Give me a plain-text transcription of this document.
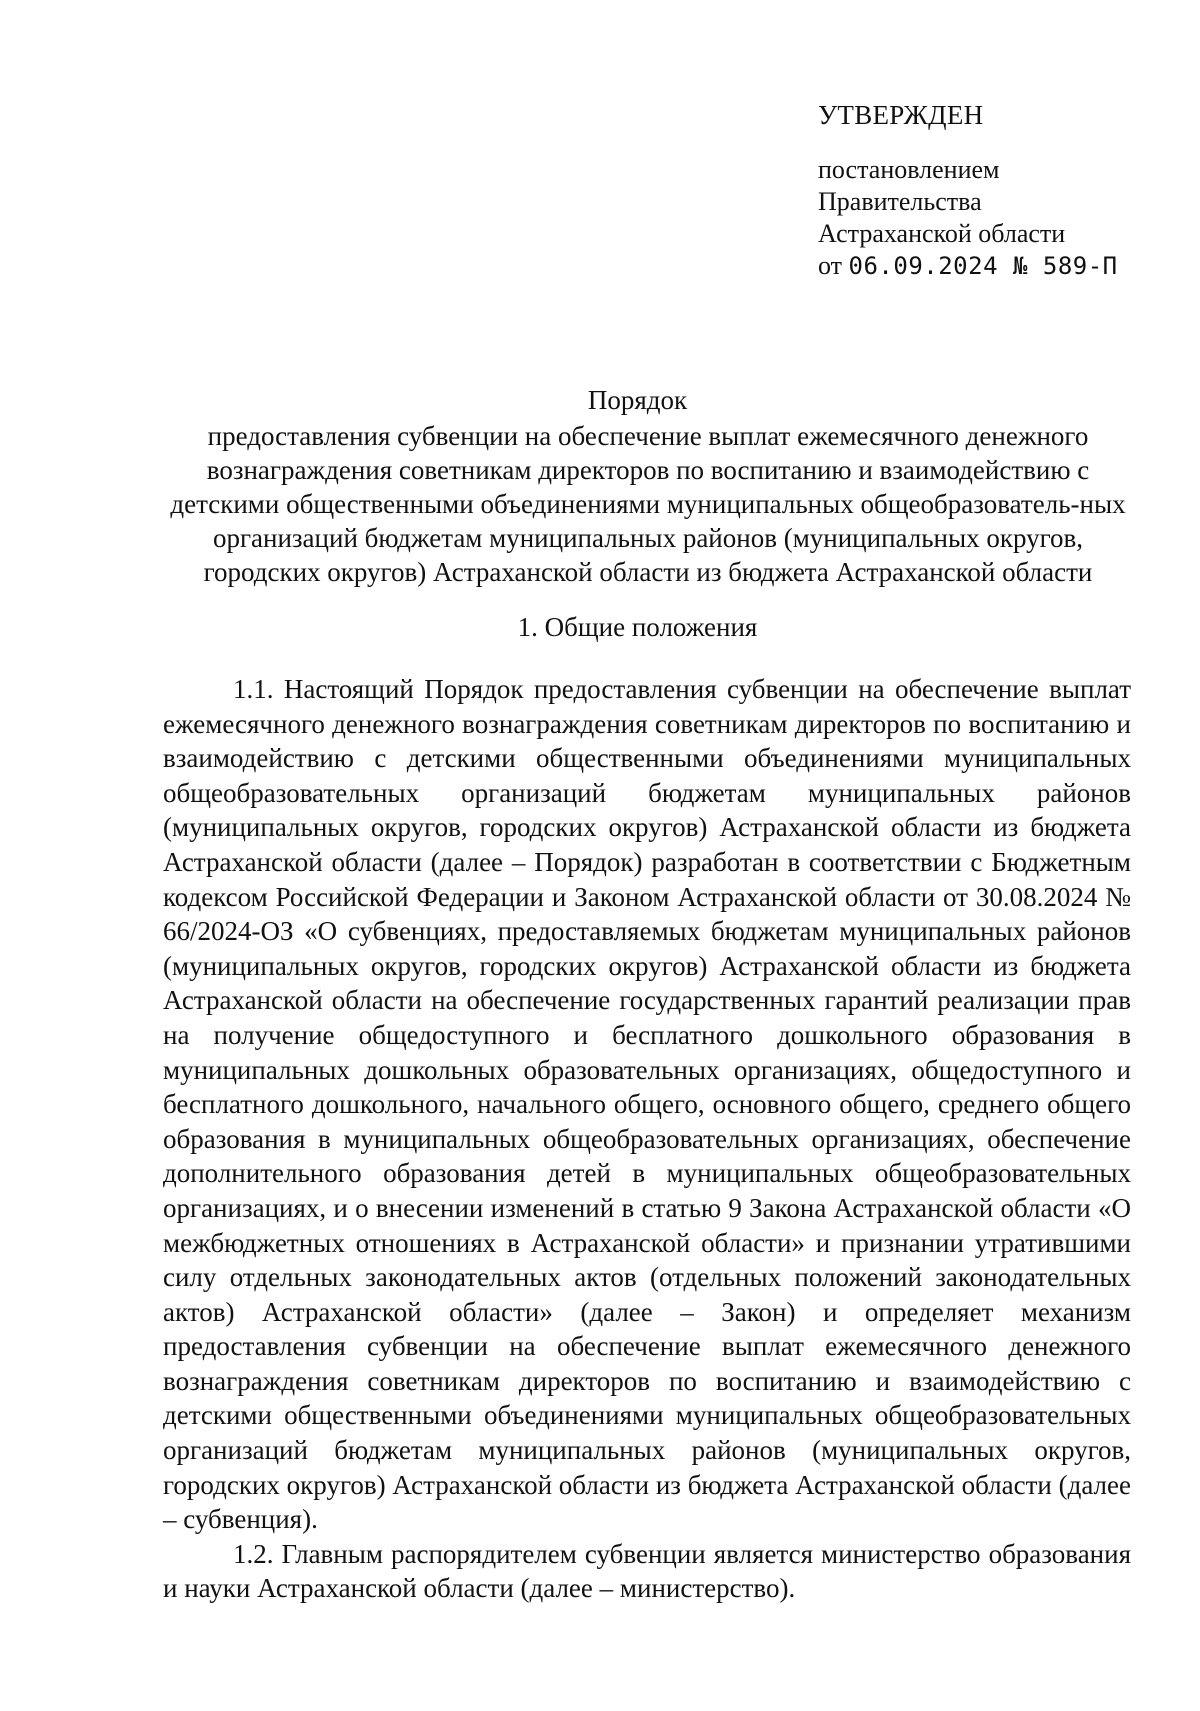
УТВЕРЖДЕН
постановлением
Правительства
Астраханской области
от 06.09.2024 № 589-П
Порядок
предоставления субвенции на обеспечение выплат ежемесячного денежного вознаграждения советникам директоров по воспитанию и взаимодействию с детскими общественными объединениями муниципальных общеобразователь-ных организаций бюджетам муниципальных районов (муниципальных округов, городских округов) Астраханской области из бюджета Астраханской области
1. Общие положения

1.1. Настоящий Порядок предоставления субвенции на обеспечение выплат ежемесячного денежного вознаграждения советникам директоров по воспитанию и взаимодействию с детскими общественными объединениями муниципальных общеобразовательных организаций бюджетам муниципальных районов (муниципальных округов, городских округов) Астраханской области из бюджета Астраханской области (далее – Порядок) разработан в соответствии с Бюджетным кодексом Российской Федерации и Законом Астраханской области от 30.08.2024 № 66/2024-ОЗ «О субвенциях, предоставляемых бюджетам муниципальных районов (муниципальных округов, городских округов) Астраханской области из бюджета Астраханской области на обеспечение государственных гарантий реализации прав на получение общедоступного и бесплатного дошкольного образования в муниципальных дошкольных образовательных организациях, общедоступного и бесплатного дошкольного, начального общего, основного общего, среднего общего образования в муниципальных общеобразовательных организациях, обеспечение дополнительного образования детей в муниципальных общеобразовательных организациях, и о внесении изменений в статью 9 Закона Астраханской области «О межбюджетных отношениях в Астраханской области» и признании утратившими силу отдельных законодательных актов (отдельных положений законодательных актов) Астраханской области» (далее – Закон) и определяет механизм предоставления субвенции на обеспечение выплат ежемесячного денежного вознаграждения советникам директоров по воспитанию и взаимодействию с детскими общественными объединениями муниципальных общеобразовательных организаций бюджетам муниципальных районов (муниципальных округов, городских округов) Астраханской области из бюджета Астраханской области (далее – субвенция).

1.2. Главным распорядителем субвенции является министерство образования и науки Астраханской области (далее – министерство).
